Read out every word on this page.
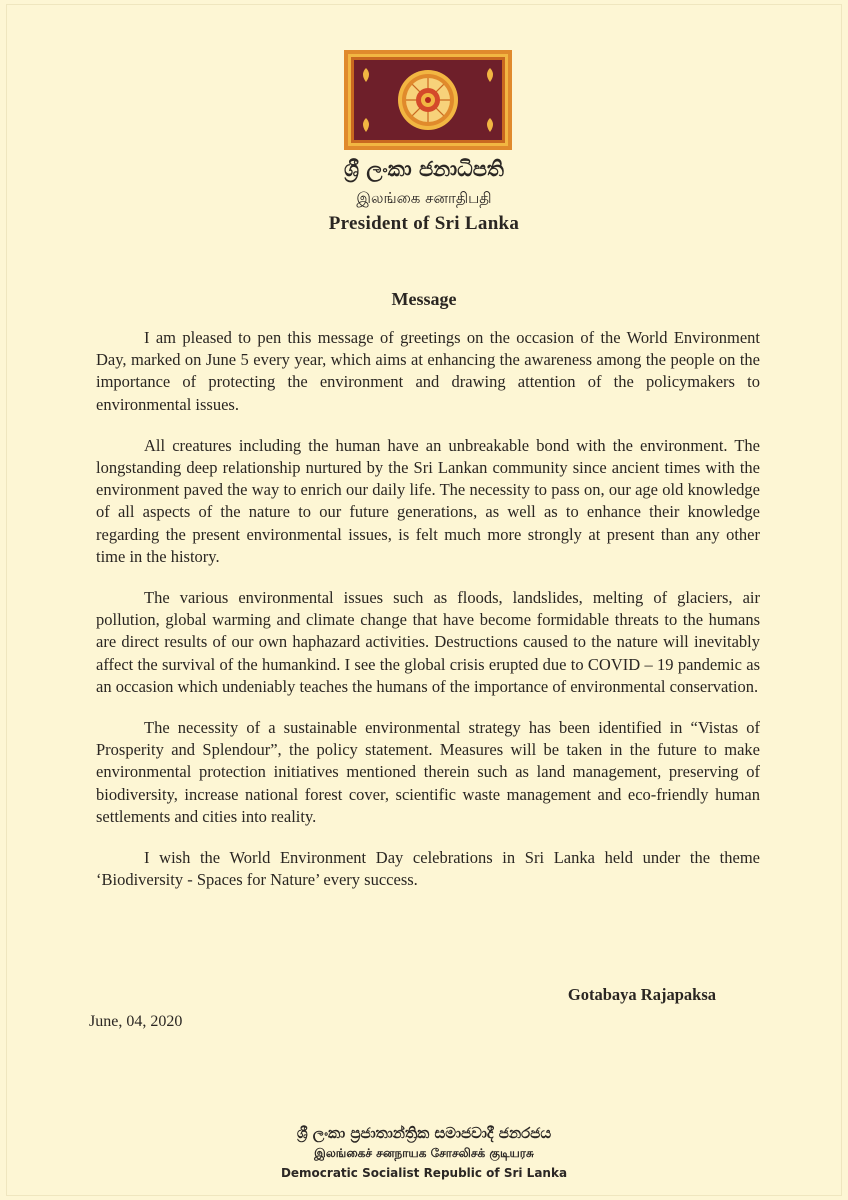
ශ්‍රී ලංකා ජනාධිපති
இலங்கை சனாதிபதி
President of Sri Lanka
Message

I am pleased to pen this message of greetings on the occasion of the World Environment Day, marked on June 5 every year, which aims at enhancing the awareness among the people on the importance of protecting the environment and drawing attention of the policymakers to environmental issues.

All creatures including the human have an unbreakable bond with the environment. The longstanding deep relationship nurtured by the Sri Lankan community since ancient times with the environment paved the way to enrich our daily life. The necessity to pass on, our age old knowledge of all aspects of the nature to our future generations, as well as to enhance their knowledge regarding the present environmental issues, is felt much more strongly at present than any other time in the history.

The various environmental issues such as floods, landslides, melting of glaciers, air pollution, global warming and climate change that have become formidable threats to the humans are direct results of our own haphazard activities. Destructions caused to the nature will inevitably affect the survival of the humankind. I see the global crisis erupted due to COVID – 19 pandemic as an occasion which undeniably teaches the humans of the importance of environmental conservation.

The necessity of a sustainable environmental strategy has been identified in “Vistas of Prosperity and Splendour”, the policy statement. Measures will be taken in the future to make environmental protection initiatives mentioned therein such as land management, preserving of biodiversity, increase national forest cover, scientific waste management and eco-friendly human settlements and cities into reality.

I wish the World Environment Day celebrations in Sri Lanka held under the theme ‘Biodiversity - Spaces for Nature’ every success.

Gotabaya Rajapaksa
June, 04, 2020
ශ්‍රී ලංකා ප්‍රජාතාන්ත්‍රික සමාජවාදී ජනරජය
இலங்கைச் சனநாயக சோசலிசக் குடியரசு
Democratic Socialist Republic of Sri Lanka
